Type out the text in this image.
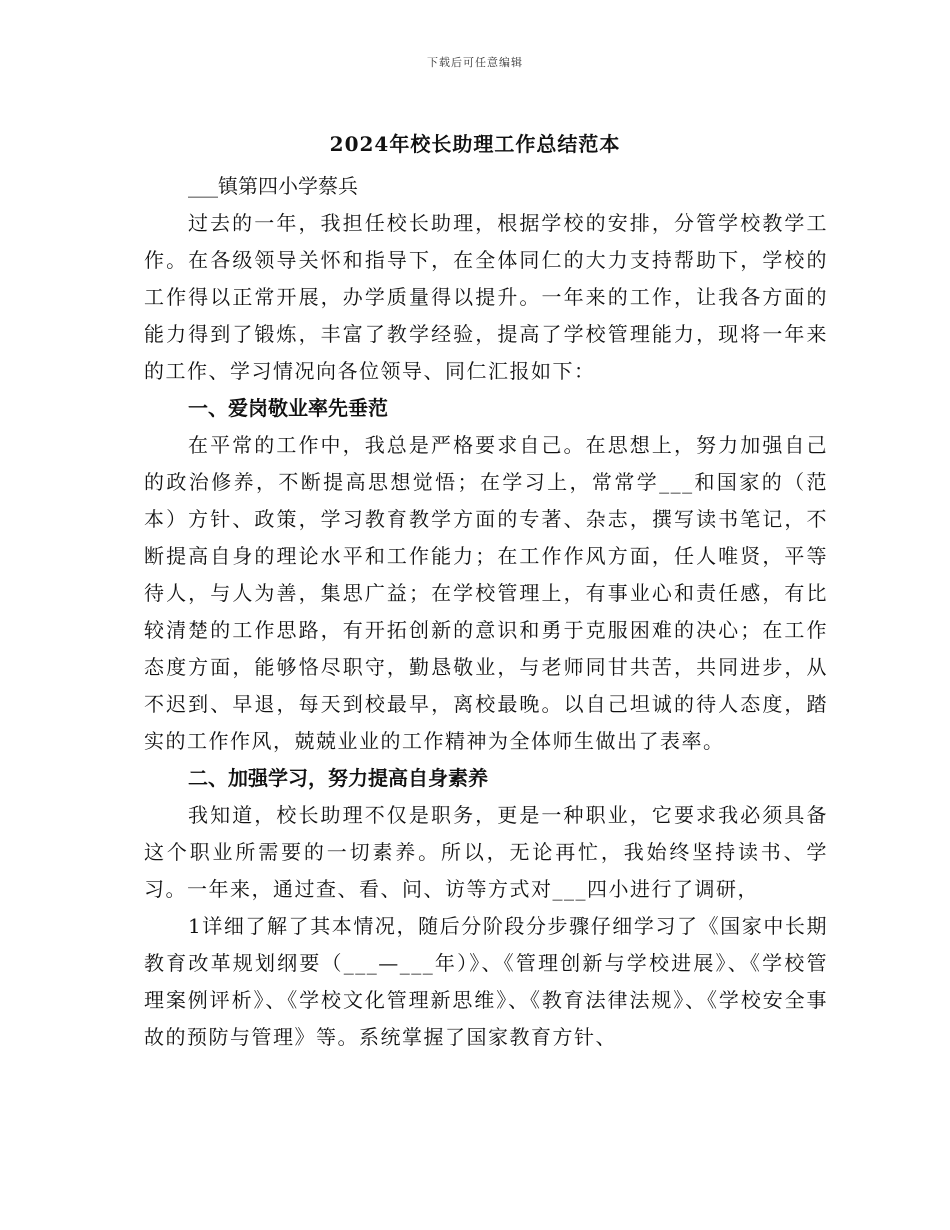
下载后可任意编辑
2024年校长助理工作总结范本

___镇第四小学蔡兵

过去的一年，我担任校长助理，根据学校的安排，分管学校教学工作。在各级领导关怀和指导下，在全体同仁的大力支持帮助下，学校的工作得以正常开展，办学质量得以提升。一年来的工作，让我各方面的能力得到了锻炼，丰富了教学经验，提高了学校管理能力，现将一年来的工作、学习情况向各位领导、同仁汇报如下：

一、爱岗敬业率先垂范

在平常的工作中，我总是严格要求自己。在思想上，努力加强自己的政治修养，不断提高思想觉悟；在学习上，常常学___和国家的（范本）方针、政策，学习教育教学方面的专著、杂志，撰写读书笔记，不断提高自身的理论水平和工作能力；在工作作风方面，任人唯贤，平等待人，与人为善，集思广益；在学校管理上，有事业心和责任感，有比较清楚的工作思路，有开拓创新的意识和勇于克服困难的决心；在工作态度方面，能够恪尽职守，勤恳敬业，与老师同甘共苦，共同进步，从不迟到、早退，每天到校最早，离校最晚。以自己坦诚的待人态度，踏实的工作作风，兢兢业业的工作精神为全体师生做出了表率。

二、加强学习，努力提高自身素养

我知道，校长助理不仅是职务，更是一种职业，它要求我必须具备这个职业所需要的一切素养。所以，无论再忙，我始终坚持读书、学习。一年来，通过查、看、问、访等方式对___四小进行了调研，

1详细了解了其本情况，随后分阶段分步骤仔细学习了《国家中长期教育改革规划纲要（___—___年）》、《管理创新与学校进展》、《学校管理案例评析》、《学校文化管理新思维》、《教育法律法规》、《学校安全事故的预防与管理》等。系统掌握了国家教育方针、
